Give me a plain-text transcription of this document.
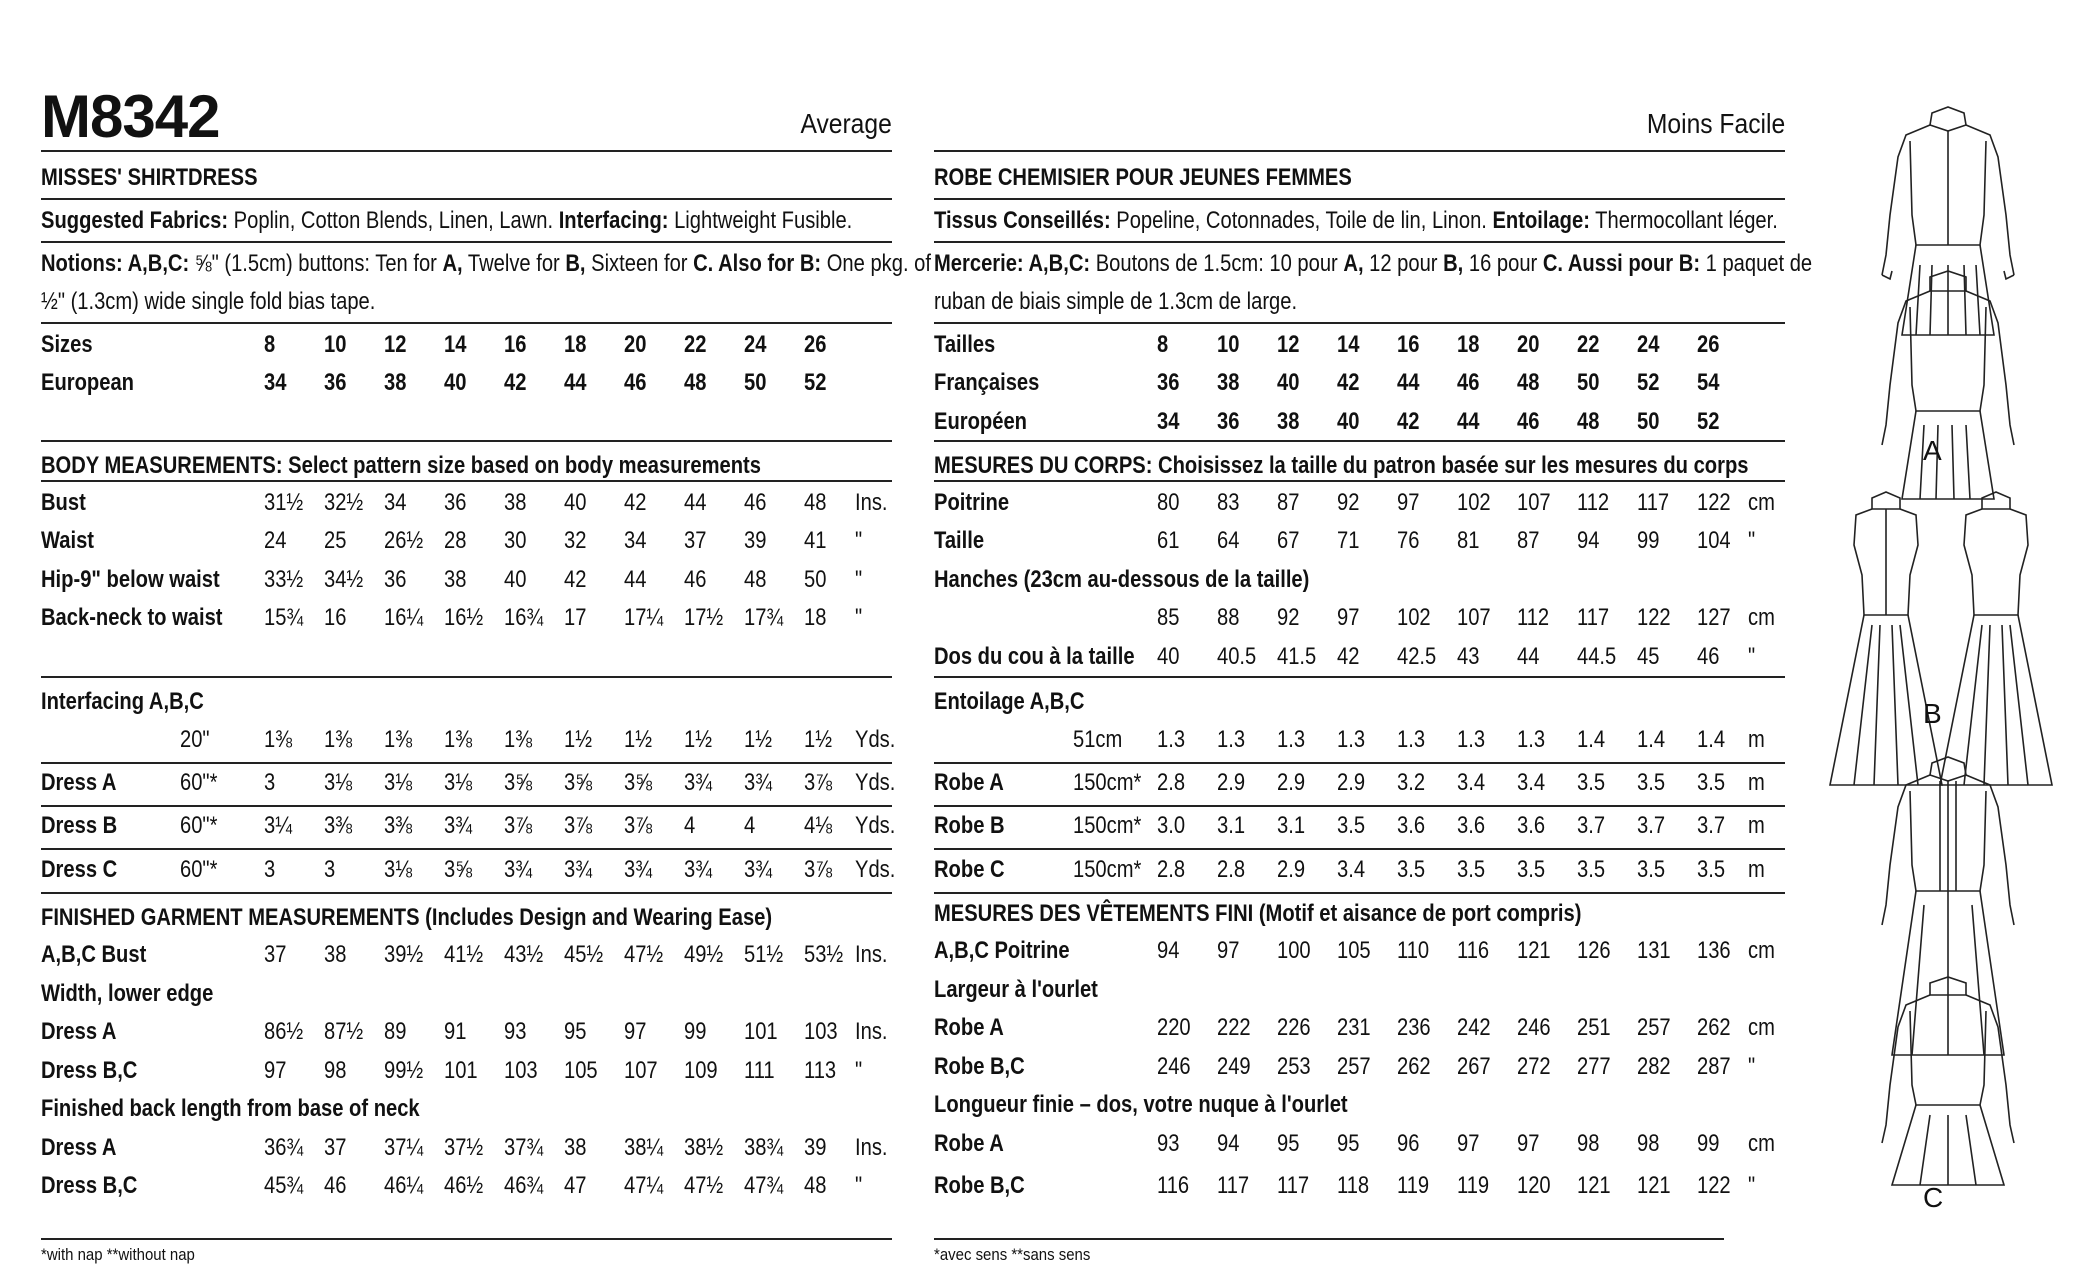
M8342	Average
MISSES' SHIRTDRESS
Suggested Fabrics: Poplin, Cotton Blends, Linen, Lawn. Interfacing: Lightweight Fusible.
Notions: A,B,C: ⅝" (1.5cm) buttons: Ten for A, Twelve for B, Sixteen for C. Also for B: One pkg. of
½" (1.3cm) wide single fold bias tape.
BODY MEASUREMENTS: Select pattern size based on body measurements
Interfacing A,B,C
FINISHED GARMENT MEASUREMENTS (Includes Design and Wearing Ease)
*with nap **without nap
Sizes	8 10 12 14 16 18 20 22 24 26
European	34 36 38 40 42 44 46 48 50 52
Bust	31½ 32½ 34 36 38 40 42 44 46 48 Ins.
Waist	24 25 26½ 28 30 32 34 37 39 41 "
Hip-9" below waist 33½ 34½ 36 38 40 42 44 46 48 50 "
Back-neck to waist 15¾ 16 16¼ 16½ 16¾ 17 17¼ 17½ 17¾ 18 "
20" 1⅜ 1⅜ 1⅜ 1⅜ 1⅜ 1½ 1½ 1½ 1½ 1½ Yds.
Dress A	60"* 3 3⅛ 3⅛ 3⅛ 3⅝ 3⅝ 3⅝ 3¾ 3¾ 3⅞ Yds.
Dress B	60"* 3¼ 3⅜ 3⅜ 3¾ 3⅞ 3⅞ 3⅞ 4 4 4⅛ Yds.
Dress C	60"* 3 3 3⅛ 3⅝ 3¾ 3¾ 3¾ 3¾ 3¾ 3⅞ Yds.
A,B,C Bust	37 38 39½ 41½ 43½ 45½ 47½ 49½ 51½ 53½ Ins.
Width, lower edge
Dress A	86½ 87½ 89 91 93 95 97 99 101 103 Ins.
Dress B,C	97 98 99½ 101 103 105 107 109 111 113 "
Finished back length from base of neck
Dress A	36¾ 37 37¼ 37½ 37¾ 38 38¼ 38½ 38¾ 39 Ins.
Dress B,C	45¾ 46 46¼ 46½ 46¾ 47 47¼ 47½ 47¾ 48 "
Moins Facile
ROBE CHEMISIER POUR JEUNES FEMMES
Tissus Conseillés: Popeline, Cotonnades, Toile de lin, Linon. Entoilage: Thermocollant léger.
Mercerie: A,B,C: Boutons de 1.5cm: 10 pour A, 12 pour B, 16 pour C. Aussi pour B: 1 paquet de
ruban de biais simple de 1.3cm de large.
MESURES DU CORPS: Choisissez la taille du patron basée sur les mesures du corps
Entoilage A,B,C
MESURES DES VÊTEMENTS FINI (Motif et aisance de port compris)
*avec sens **sans sens
Tailles	8 10 12 14 16 18 20 22 24 26
Françaises	36 38 40 42 44 46 48 50 52 54
Européen	34 36 38 40 42 44 46 48 50 52
Poitrine	80 83 87 92 97 102 107 112 117 122 cm
Taille	61 64 67 71 76 81 87 94 99 104 "
Hanches (23cm au-dessous de la taille)
85 88 92 97 102 107 112 117 122 127 cm
Dos du cou à la taille 40 40.5 41.5 42 42.5 43 44 44.5 45 46 "
51cm 1.3 1.3 1.3 1.3 1.3 1.3 1.3 1.4 1.4 1.4 m
Robe A	150cm* 2.8 2.9 2.9 2.9 3.2 3.4 3.4 3.5 3.5 3.5 m
Robe B	150cm* 3.0 3.1 3.1 3.5 3.6 3.6 3.6 3.7 3.7 3.7 m
Robe C	150cm* 2.8 2.8 2.9 3.4 3.5 3.5 3.5 3.5 3.5 3.5 m
A,B,C Poitrine	94 97 100 105 110 116 121 126 131 136 cm
Largeur à l'ourlet
Robe A	220 222 226 231 236 242 246 251 257 262 cm
Robe B,C	246 249 253 257 262 267 272 277 282 287 "
Longueur finie – dos, votre nuque à l'ourlet
Robe A	93 94 95 95 96 97 97 98 98 99 cm
Robe B,C	116 117 117 118 119 119 120 121 121 122 "
A
B
C
